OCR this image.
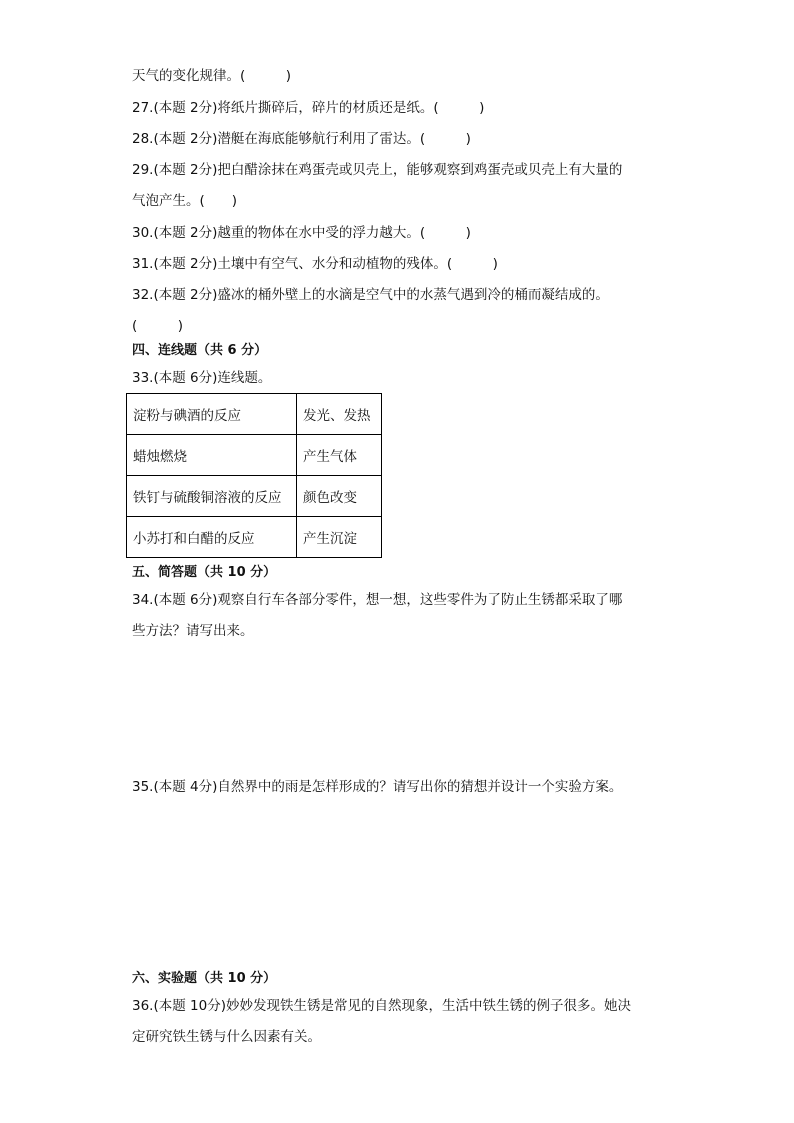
天气的变化规律。(　　　)
27.(本题 2分)将纸片撕碎后，碎片的材质还是纸。(　　　)
28.(本题 2分)潜艇在海底能够航行利用了雷达。(　　　)
29.(本题 2分)把白醋涂抹在鸡蛋壳或贝壳上，能够观察到鸡蛋壳或贝壳上有大量的
气泡产生。(　　)
30.(本题 2分)越重的物体在水中受的浮力越大。(　　　)
31.(本题 2分)土壤中有空气、水分和动植物的残体。(　　　)
32.(本题 2分)盛冰的桶外壁上的水滴是空气中的水蒸气遇到冷的桶而凝结成的。
(　　　)
四、连线题（共 6 分）
33.(本题 6分)连线题。
淀粉与碘酒的反应	发光、发热
蜡烛燃烧	产生气体
铁钉与硫酸铜溶液的反应	颜色改变
小苏打和白醋的反应	产生沉淀
五、简答题（共 10 分）
34.(本题 6分)观察自行车各部分零件，想一想，这些零件为了防止生锈都采取了哪
些方法？请写出来。
35.(本题 4分)自然界中的雨是怎样形成的？请写出你的猜想并设计一个实验方案。
六、实验题（共 10 分）
36.(本题 10分)妙妙发现铁生锈是常见的自然现象，生活中铁生锈的例子很多。她决
定研究铁生锈与什么因素有关。
